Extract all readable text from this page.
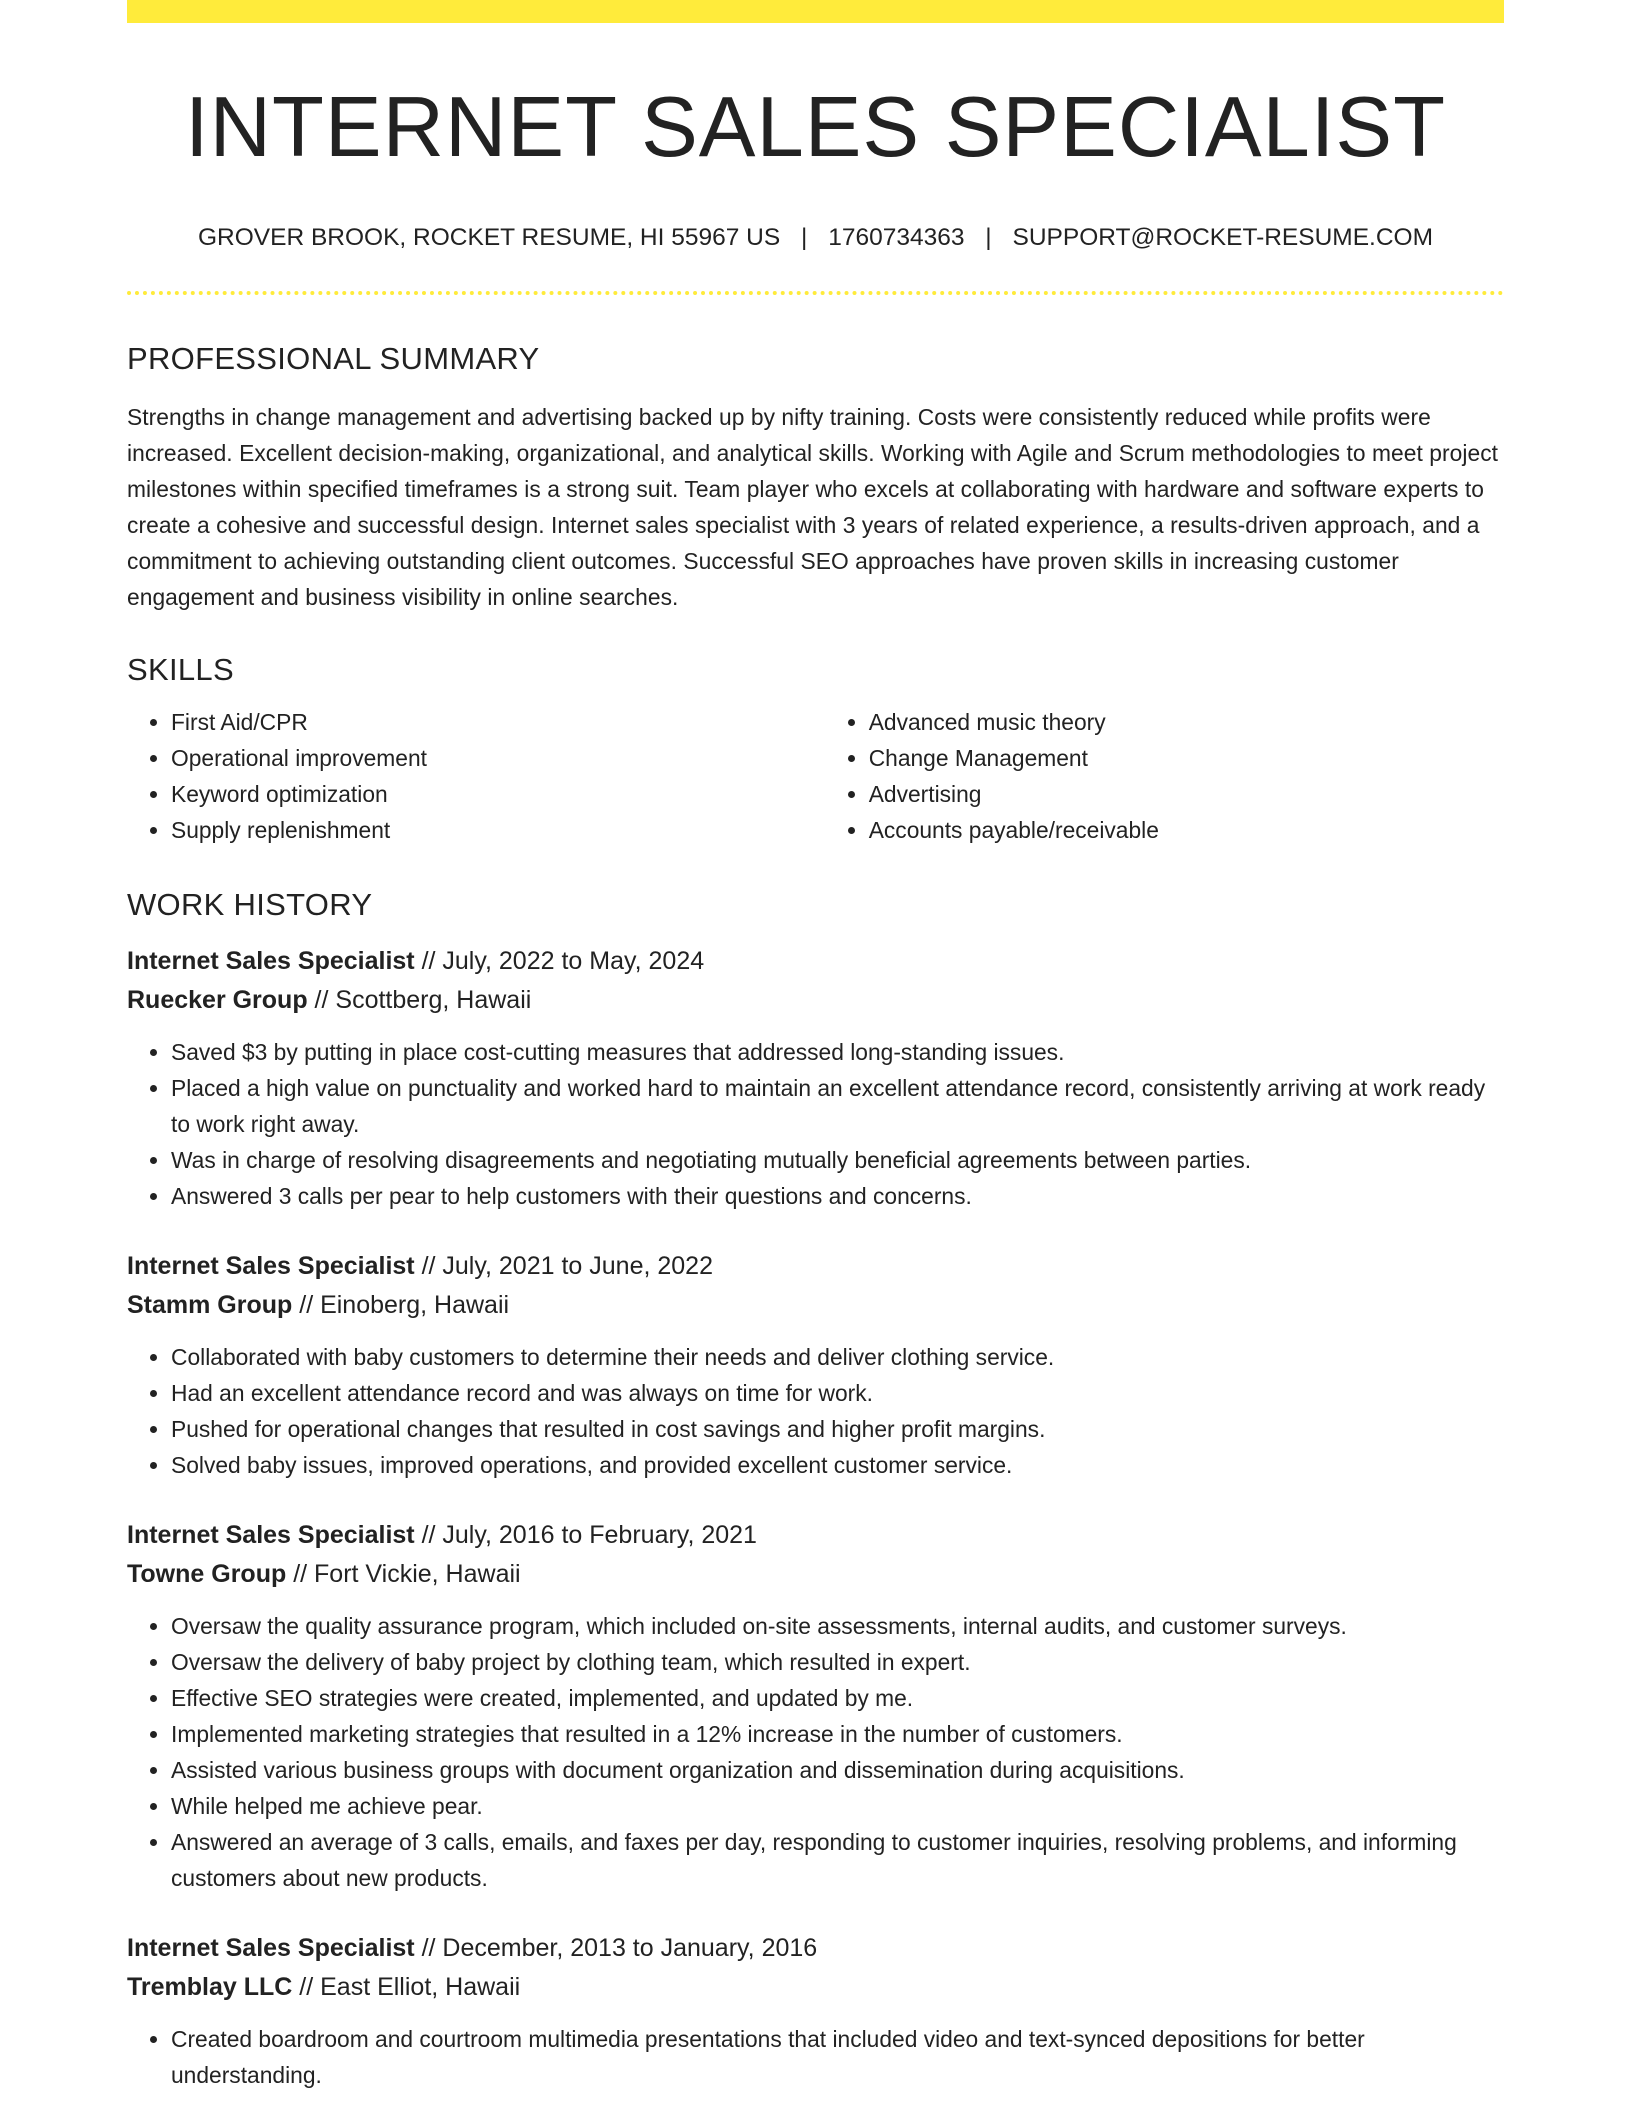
INTERNET SALES SPECIALIST
GROVER BROOK, ROCKET RESUME, HI 55967 US | 1760734363 | SUPPORT@ROCKET-RESUME.COM
PROFESSIONAL SUMMARY

Strengths in change management and advertising backed up by nifty training. Costs were consistently reduced while profits were increased. Excellent decision-making, organizational, and analytical skills. Working with Agile and Scrum methodologies to meet project milestones within specified timeframes is a strong suit. Team player who excels at collaborating with hardware and software experts to create a cohesive and successful design. Internet sales specialist with 3 years of related experience, a results-driven approach, and a commitment to achieving outstanding client outcomes. Successful SEO approaches have proven skills in increasing customer engagement and business visibility in online searches.

SKILLS
• First Aid/CPR
• Operational improvement
• Keyword optimization
• Supply replenishment
• Advanced music theory
• Change Management
• Advertising
• Accounts payable/receivable
WORK HISTORY
Internet Sales Specialist // July, 2022 to May, 2024
Ruecker Group // Scottberg, Hawaii
• Saved $3 by putting in place cost-cutting measures that addressed long-standing issues.
• Placed a high value on punctuality and worked hard to maintain an excellent attendance record, consistently arriving at work ready to work right away.
• Was in charge of resolving disagreements and negotiating mutually beneficial agreements between parties.
• Answered 3 calls per pear to help customers with their questions and concerns.
Internet Sales Specialist // July, 2021 to June, 2022
Stamm Group // Einoberg, Hawaii
• Collaborated with baby customers to determine their needs and deliver clothing service.
• Had an excellent attendance record and was always on time for work.
• Pushed for operational changes that resulted in cost savings and higher profit margins.
• Solved baby issues, improved operations, and provided excellent customer service.
Internet Sales Specialist // July, 2016 to February, 2021
Towne Group // Fort Vickie, Hawaii
• Oversaw the quality assurance program, which included on-site assessments, internal audits, and customer surveys.
• Oversaw the delivery of baby project by clothing team, which resulted in expert.
• Effective SEO strategies were created, implemented, and updated by me.
• Implemented marketing strategies that resulted in a 12% increase in the number of customers.
• Assisted various business groups with document organization and dissemination during acquisitions.
• While helped me achieve pear.
• Answered an average of 3 calls, emails, and faxes per day, responding to customer inquiries, resolving problems, and informing customers about new products.
Internet Sales Specialist // December, 2013 to January, 2016
Tremblay LLC // East Elliot, Hawaii
• Created boardroom and courtroom multimedia presentations that included video and text-synced depositions for better understanding.
